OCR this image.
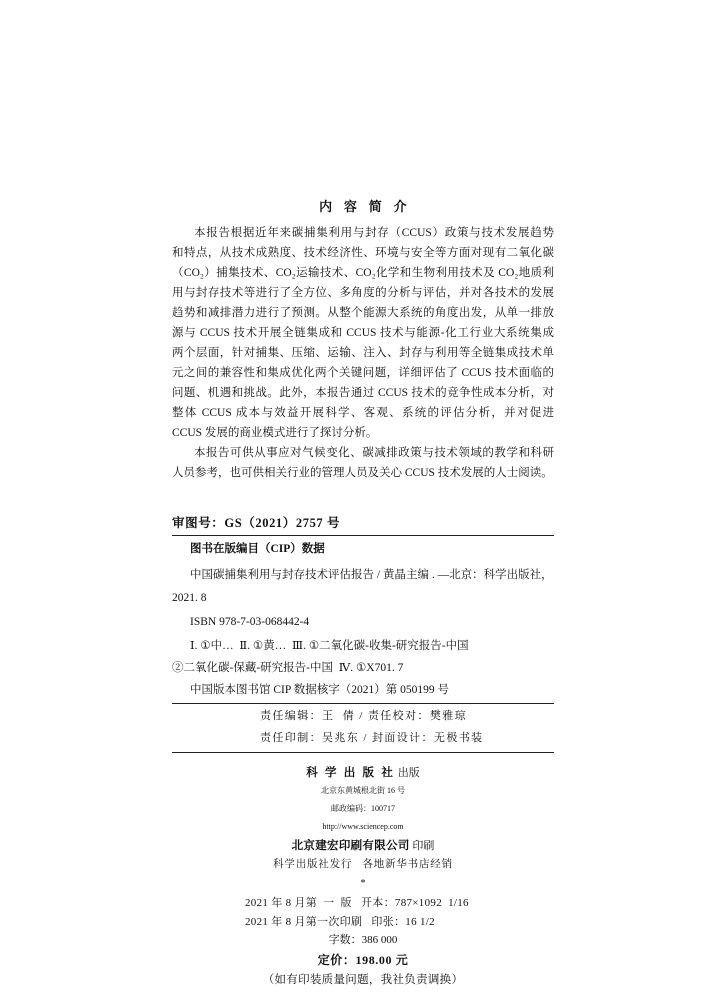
内 容 简 介
本报告根据近年来碳捕集利用与封存（CCUS）政策与技术发展趋势
和特点，从技术成熟度、技术经济性、环境与安全等方面对现有二氧化碳
（CO₂）捕集技术、CO₂运输技术、CO₂化学和生物利用技术及 CO₂地质利
用与封存技术等进行了全方位、多角度的分析与评估，并对各技术的发展
趋势和减排潜力进行了预测。从整个能源大系统的角度出发，从单一排放
源与 CCUS 技术开展全链集成和 CCUS 技术与能源-化工行业大系统集成
两个层面，针对捕集、压缩、运输、注入、封存与利用等全链集成技术单
元之间的兼容性和集成优化两个关键问题，详细评估了 CCUS 技术面临的
问题、机遇和挑战。此外，本报告通过 CCUS 技术的竞争性成本分析，对
整体 CCUS 成本与效益开展科学、客观、系统的评估分析，并对促进
CCUS 发展的商业模式进行了探讨分析。
本报告可供从事应对气候变化、碳减排政策与技术领域的教学和科研
人员参考，也可供相关行业的管理人员及关心 CCUS 技术发展的人士阅读。
审图号：GS（2021）2757 号
图书在版编目（CIP）数据
中国碳捕集利用与封存技术评估报告 / 黄晶主编 . —北京：科学出版社，
2021. 8
ISBN 978-7-03-068442-4
Ⅰ. ①中…  Ⅱ. ①黄…  Ⅲ. ①二氧化碳-收集-研究报告-中国
②二氧化碳-保藏-研究报告-中国  Ⅳ. ①X701. 7
中国版本图书馆 CIP 数据核字（2021）第 050199 号
责任编辑：王  倩 / 责任校对：樊雅琼
责任印制：吴兆东 / 封面设计：无极书装
科 学 出 版 社 出版
北京东黄城根北街 16 号
邮政编码：100717
http://www.sciencep.com
北京建宏印刷有限公司 印刷
科学出版社发行   各地新华书店经销
*
2021 年 8 月第  一  版   开本：787×1092  1/16
2021 年 8 月第一次印刷   印张：16 1/2
字数：386 000
定价：198.00 元
（如有印装质量问题，我社负责调换）
